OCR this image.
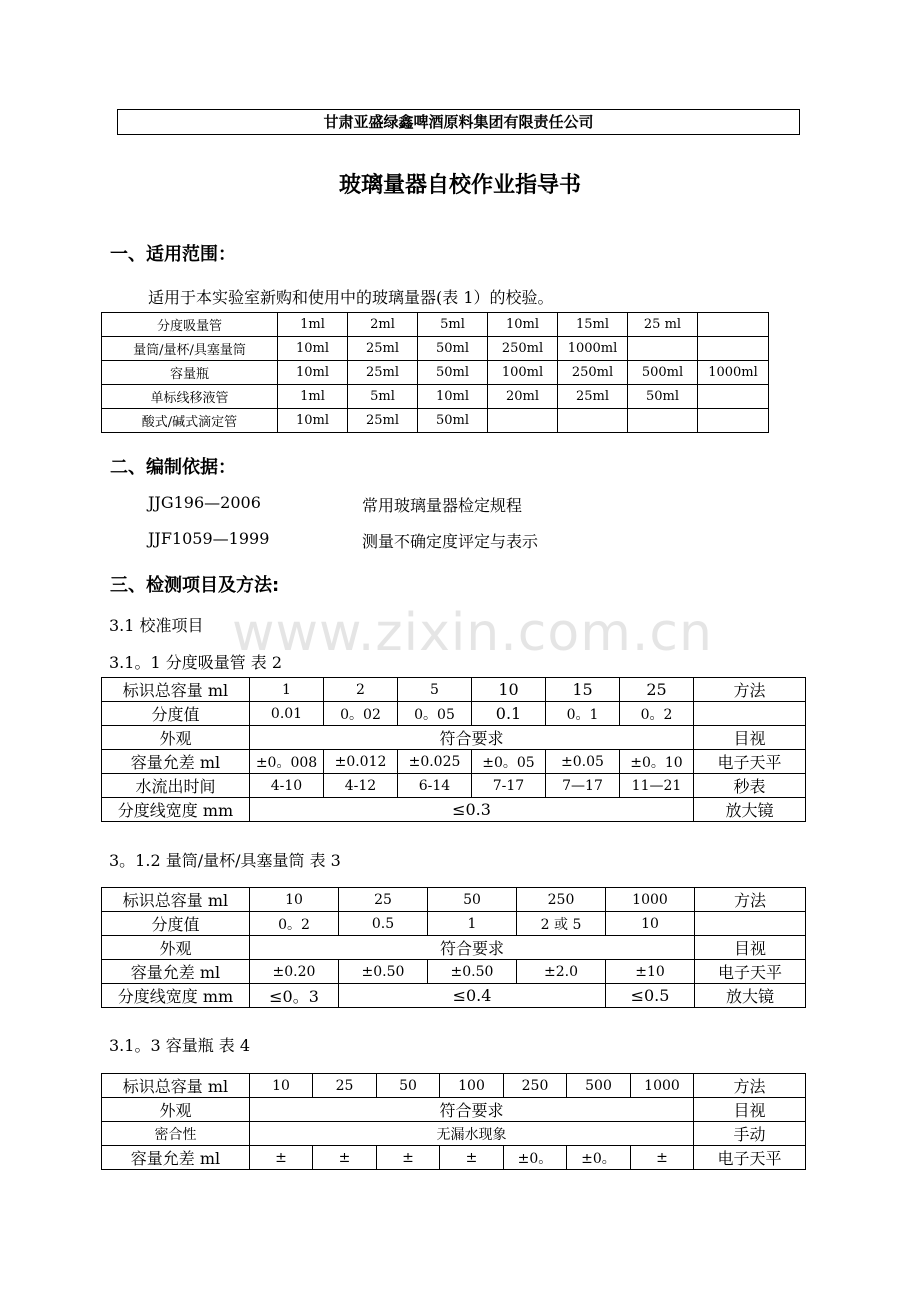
甘肃亚盛绿鑫啤酒原料集团有限责任公司
玻璃量器自校作业指导书
一、适用范围：
适用于本实验室新购和使用中的玻璃量器(表 1）的校验。
分度吸量管	1ml	2ml	5ml	10ml	15ml	25 ml	
量筒/量杯/具塞量筒	10ml	25ml	50ml	250ml	1000ml		
容量瓶	10ml	25ml	50ml	100ml	250ml	500ml	1000ml
单标线移液管	1ml	5ml	10ml	20ml	25ml	50ml	
酸式/碱式滴定管	10ml	25ml	50ml				
二、编制依据：
JJG196—2006	常用玻璃量器检定规程
JJF1059—1999	测量不确定度评定与表示
三、检测项目及方法:
3.1 校准项目 www.zixin.com.cn
3.1。1 分度吸量管 表 2
标识总容量 ml	1	2	5	10	15	25	方法
分度值	0.01	0。02	0。05	0.1	0。1	0。2	
外观	符合要求						目视
容量允差 ml	±0。008	±0.012	±0.025	±0。05	±0.05	±0。10	电子天平
水流出时间	4-10	4-12	6-14	7-17	7—17	11—21	秒表
分度线宽度 mm	≤0.3						放大镜
3。1.2 量筒/量杯/具塞量筒 表 3
标识总容量 ml	10	25	50	250	1000	方法
分度值	0。2	0.5	1	2 或 5	10	
外观	符合要求					目视
容量允差 ml	±0.20	±0.50	±0.50	±2.0	±10	电子天平
分度线宽度 mm	≤0。3	≤0.4			≤0.5	放大镜
3.1。3 容量瓶 表 4
标识总容量 ml	10	25	50	100	250	500	1000	方法
外观	符合要求							目视
密合性	无漏水现象							手动
容量允差 ml	±	±	±	±	±0。	±0。	±	电子天平
